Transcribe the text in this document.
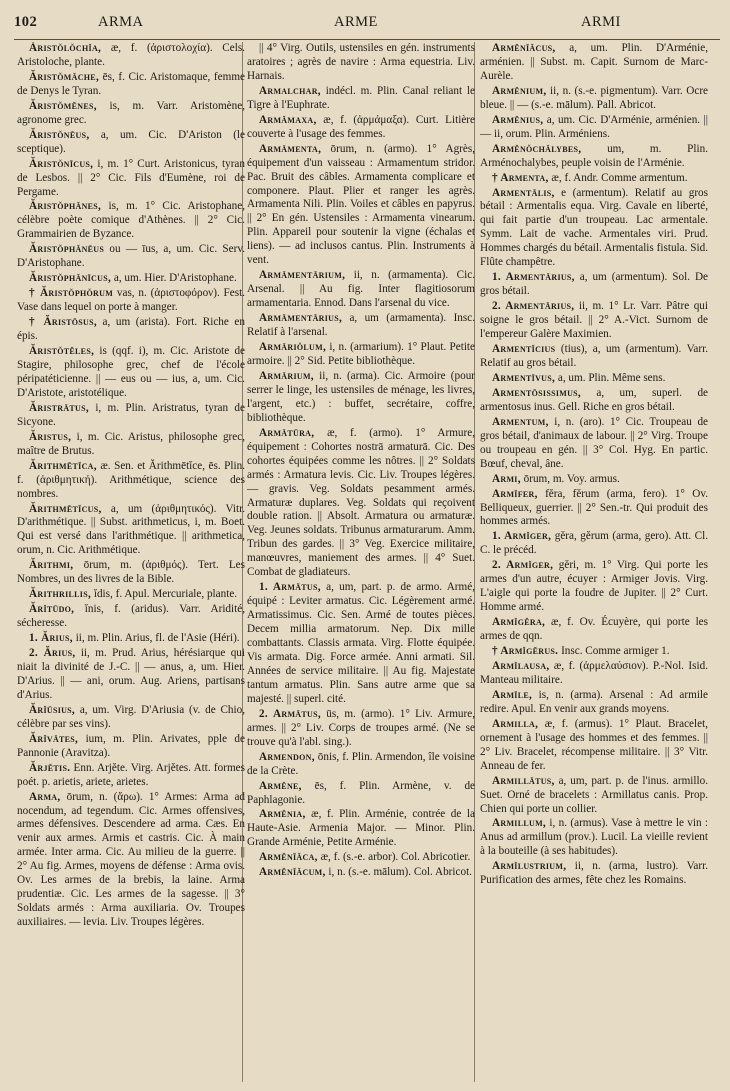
102	ARMA	ARME	ARMI

Ăristŏlŏchĭa, æ, f. (ἀριστολοχία). Cels. Aristoloche, plante.

Ăristŏmăche, ēs, f. Cic. Aristomaque, femme de Denys le Tyran.

Ăristŏmĕnes, is, m. Varr. Aristomène, agronome grec.

Ăristŏnēus, a, um. Cic. D'Ariston (le sceptique).

Ăristŏnīcus, i, m. 1° Curt. Aristonicus, tyran de Lesbos. || 2° Cic. Fils d'Eumène, roi de Pergame.

Ăristŏphănes, is, m. 1° Cic. Aristophane, célèbre poète comique d'Athènes. || 2° Cic. Grammairien de Byzance.

Ăristŏphănēus ou — īus, a, um. Cic. Serv. D'Aristophane.

Ăristŏphănīcus, a, um. Hier. D'Aristophane.

† Ăristŏphŏrum vas, n. (ἀριστοφόρον). Fest. Vase dans lequel on porte à manger.

† Ăristōsus, a, um (arista). Fort. Riche en épis.

Ăristŏtĕles, is (qqf. i), m. Cic. Aristote de Stagire, philosophe grec, chef de l'école péripatéticienne. || — eus ou — ius, a, um. Cic. D'Aristote, aristotélique.

Ăristrātus, i, m. Plin. Aristratus, tyran de Sicyone.

Ăristus, i, m. Cic. Aristus, philosophe grec, maître de Brutus.

Ărithmētĭca, æ. Sen. et Ărithmētĭce, ēs. Plin. f. (ἀριθμητική). Arithmétique, science des nombres.

Ărithmētĭcus, a, um (ἀριθμητικός). Vitr. D'arithmétique. || Subst. arithmeticus, i, m. Boet. Qui est versé dans l'arithmétique. || arithmetica, orum, n. Cic. Arithmétique.

Ărithmi, ōrum, m. (ἀριθμός). Tert. Les Nombres, un des livres de la Bible.

Ărithrillis, ĭdis, f. Apul. Mercuriale, plante.

Ărĭtūdo, ĭnis, f. (aridus). Varr. Aridité, sécheresse.

1. Ărius, ii, m. Plin. Arius, fl. de l'Asie (Héri).

2. Ărius, ii, m. Prud. Arius, hérésiarque qui niait la divinité de J.-C. || — anus, a, um. Hier. D'Arius. || — ani, orum. Aug. Ariens, partisans d'Arius.

Ărĭūsius, a, um. Virg. D'Ariusia (v. de Chio, célèbre par ses vins).

Ărĭvātes, ium, m. Plin. Arivates, pple de Pannonie (Aravitza).

Ărjĕtis. Enn. Arjĕte. Virg. Arjĕtes. Att. formes poét. p. arietis, ariete, arietes.

Arma, ōrum, n. (ἄρω). 1° Armes: Arma ad nocendum, ad tegendum. Cic. Armes offensives, armes défensives. Descendere ad arma. Cæs. En venir aux armes. Armis et castris. Cic. À main armée. Inter arma. Cic. Au milieu de la guerre. || 2° Au fig. Armes, moyens de défense : Arma ovis. Ov. Les armes de la brebis, la laine. Arma prudentiæ. Cic. Les armes de la sagesse. || 3° Soldats armés : Arma auxiliaria. Ov. Troupes auxiliaires. — levia. Liv. Troupes légères.

|| 4° Virg. Outils, ustensiles en gén. instruments aratoires ; agrès de navire : Arma equestria. Liv. Harnais.

Armalchar, indécl. m. Plin. Canal reliant le Tigre à l'Euphrate.

Armămaxa, æ, f. (ἁρμάμαξα). Curt. Litière couverte à l'usage des femmes.

Armāmenta, ōrum, n. (armo). 1° Agrès, équipement d'un vaisseau : Armamentum stridor. Pac. Bruit des câbles. Armamenta complicare et componere. Plaut. Plier et ranger les agrès. Armamenta Nili. Plin. Voiles et câbles en papyrus. || 2° En gén. Ustensiles : Armamenta vinearum. Plin. Appareil pour soutenir la vigne (échalas et liens). — ad inclusos cantus. Plin. Instruments à vent.

Armāmentārium, ii, n. (armamenta). Cic. Arsenal. || Au fig. Inter flagitiosorum armamentaria. Ennod. Dans l'arsenal du vice.

Armāmentārius, a, um (armamenta). Insc. Relatif à l'arsenal.

Armāriŏlum, i, n. (armarium). 1° Plaut. Petite armoire. || 2° Sid. Petite bibliothèque.

Armārium, ii, n. (arma). Cic. Armoire (pour serrer le linge, les ustensiles de ménage, les livres, l'argent, etc.) : buffet, secrétaire, coffre, bibliothèque.

Armātūra, æ, f. (armo). 1° Armure, équipement : Cohortes nostrā armaturā. Cic. Des cohortes équipées comme les nôtres. || 2° Soldats armés : Armatura levis. Cic. Liv. Troupes légères. — gravis. Veg. Soldats pesamment armés. Armaturæ duplares. Veg. Soldats qui reçoivent double ration. || Absolt. Armatura ou armaturæ. Veg. Jeunes soldats. Tribunus armaturarum. Amm. Tribun des gardes. || 3° Veg. Exercice militaire, manœuvres, maniement des armes. || 4° Suet. Combat de gladiateurs.

1. Armātus, a, um, part. p. de armo. Armé, équipé : Leviter armatus. Cic. Légèrement armé. Armatissimus. Cic. Sen. Armé de toutes pièces. Decem millia armatorum. Nep. Dix mille combattants. Classis armata. Virg. Flotte équipée. Vis armata. Dig. Force armée. Anni armati. Sil. Années de service militaire. || Au fig. Majestate tantum armatus. Plin. Sans autre arme que sa majesté. || superl. cité.

2. Armātus, ūs, m. (armo). 1° Liv. Armure, armes. || 2° Liv. Corps de troupes armé. (Ne se trouve qu'à l'abl. sing.).

Armendon, ōnis, f. Plin. Armendon, île voisine de la Crète.

Armĕne, ēs, f. Plin. Armène, v. de Paphlagonie.

Armĕnia, æ, f. Plin. Arménie, contrée de la Haute-Asie. Armenia Major. — Minor. Plin. Grande Arménie, Petite Arménie.

Armĕnĭăca, æ, f. (s.-e. arbor). Col. Abricotier.

Armĕnĭăcum, i, n. (s.-e. mālum). Col. Abricot.

Armĕnĭăcus, a, um. Plin. D'Arménie, arménien. || Subst. m. Capit. Surnom de Marc-Aurèle.

Armĕnium, ii, n. (s.-e. pigmentum). Varr. Ocre bleue. || — (s.-e. mālum). Pall. Abricot.

Armĕnius, a, um. Cic. D'Arménie, arménien. || — ii, orum. Plin. Arméniens.

Armĕnŏchălybes, um, m. Plin. Arménochalybes, peuple voisin de l'Arménie.

† Armenta, æ, f. Andr. Comme armentum.

Armentālis, e (armentum). Relatif au gros bétail : Armentalis equa. Virg. Cavale en liberté, qui fait partie d'un troupeau. Lac armentale. Symm. Lait de vache. Armentales viri. Prud. Hommes chargés du bétail. Armentalis fistula. Sid. Flûte champêtre.

1. Armentārius, a, um (armentum). Sol. De gros bétail.

2. Armentārius, ii, m. 1° Lr. Varr. Pâtre qui soigne le gros bétail. || 2° A.-Vict. Surnom de l'empereur Galère Maximien.

Armentĭcius (tius), a, um (armentum). Varr. Relatif au gros bétail.

Armentīvus, a, um. Plin. Même sens.

Armentōsissimus, a, um, superl. de armentosus inus. Gell. Riche en gros bétail.

Armentum, i, n. (aro). 1° Cic. Troupeau de gros bétail, d'animaux de labour. || 2° Virg. Troupe ou troupeau en gén. || 3° Col. Hyg. En partic. Bœuf, cheval, âne.

Armi, ōrum, m. Voy. armus.

Armĭfer, fĕra, fĕrum (arma, fero). 1° Ov. Belliqueux, guerrier. || 2° Sen.-tr. Qui produit des hommes armés.

1. Armĭger, gĕra, gĕrum (arma, gero). Att. Cl. C. le précéd.

2. Armĭger, gĕri, m. 1° Virg. Qui porte les armes d'un autre, écuyer : Armiger Jovis. Virg. L'aigle qui porte la foudre de Jupiter. || 2° Curt. Homme armé.

Armĭgĕra, æ, f. Ov. Écuyère, qui porte les armes de qqn.

† Armĭgĕrus. Insc. Comme armiger 1.

Armĭlausa, æ, f. (ἀρμελαύσιον). P.-Nol. Isid. Manteau militaire.

Armīle, is, n. (arma). Arsenal : Ad armile redire. Apul. En venir aux grands moyens.

Armilla, æ, f. (armus). 1° Plaut. Bracelet, ornement à l'usage des hommes et des femmes. || 2° Liv. Bracelet, récompense militaire. || 3° Vitr. Anneau de fer.

Armillātus, a, um, part. p. de l'inus. armillo. Suet. Orné de bracelets : Armillatus canis. Prop. Chien qui porte un collier.

Armillum, i, n. (armus). Vase à mettre le vin : Anus ad armillum (prov.). Lucil. La vieille revient à la bouteille (à ses habitudes).

Armĭlustrium, ii, n. (arma, lustro). Varr. Purification des armes, fête chez les Romains.
